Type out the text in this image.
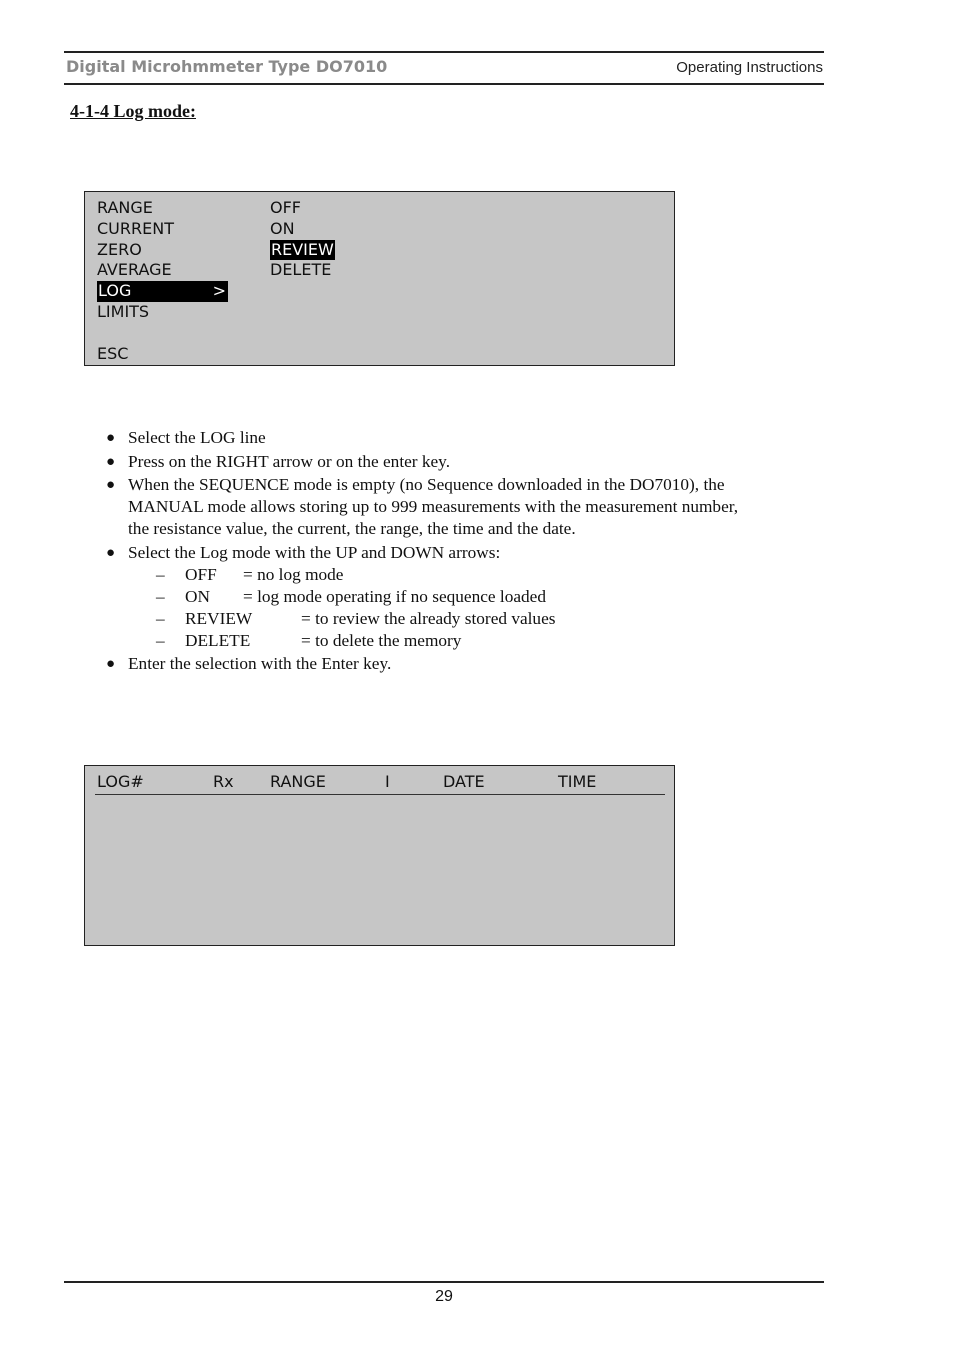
Digital Microhmmeter Type DO7010	Operating Instructions
4-1-4 Log mode:
RANGE
CURRENT
ZERO
AVERAGE
LOG	>
LIMITS
ESC
OFF
ON
REVIEW
DELETE
● Select the LOG line
● Press on the RIGHT arrow or on the enter key.
● When the SEQUENCE mode is empty (no Sequence downloaded in the DO7010), the MANUAL mode allows storing up to 999 measurements with the measurement number, the resistance value, the current, the range, the time and the date.
● Select the Log mode with the UP and DOWN arrows:
– OFF = no log mode
– ON = log mode operating if no sequence loaded
– REVIEW	= to review the already stored values
– DELETE	= to delete the memory
● Enter the selection with the Enter key.
LOG#	Rx RANGE	I	DATE	TIME
29
